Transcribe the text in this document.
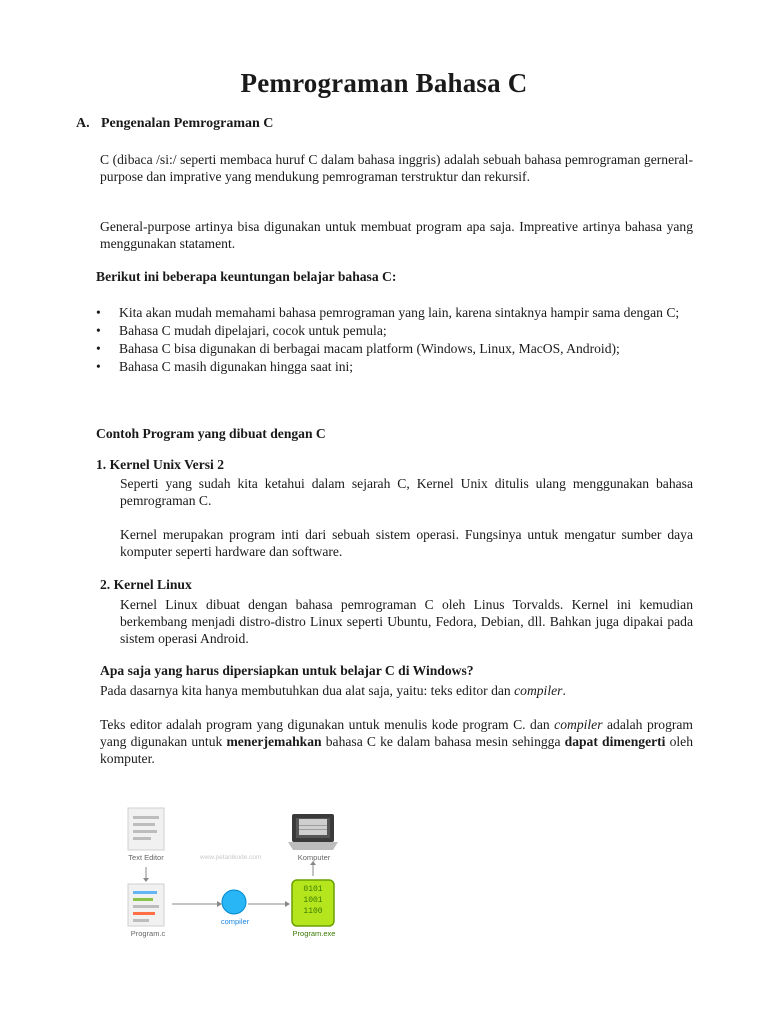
Pemrograman Bahasa C
A. Pengenalan Pemrograman C
C (dibaca /si:/ seperti membaca huruf C dalam bahasa inggris) adalah sebuah bahasa pemrograman gerneral-purpose dan imprative yang mendukung pemrograman terstruktur dan rekursif.
General-purpose artinya bisa digunakan untuk membuat program apa saja. Impreative artinya bahasa yang menggunakan statament.
Berikut ini beberapa keuntungan belajar bahasa C:
• Kita akan mudah memahami bahasa pemrograman yang lain, karena sintaknya hampir sama dengan C;
• Bahasa C mudah dipelajari, cocok untuk pemula;
• Bahasa C bisa digunakan di berbagai macam platform (Windows, Linux, MacOS, Android);
• Bahasa C masih digunakan hingga saat ini;
Contoh Program yang dibuat dengan C
1. Kernel Unix Versi 2
Seperti yang sudah kita ketahui dalam sejarah C, Kernel Unix ditulis ulang menggunakan bahasa pemrograman C.
Kernel merupakan program inti dari sebuah sistem operasi. Fungsinya untuk mengatur sumber daya komputer seperti hardware dan software.
2. Kernel Linux
Kernel Linux dibuat dengan bahasa pemrograman C oleh Linus Torvalds. Kernel ini kemudian berkembang menjadi distro-distro Linux seperti Ubuntu, Fedora, Debian, dll. Bahkan juga dipakai pada sistem operasi Android.
Apa saja yang harus dipersiapkan untuk belajar C di Windows?
Pada dasarnya kita hanya membutuhkan dua alat saja, yaitu: teks editor dan compiler.
Teks editor adalah program yang digunakan untuk menulis kode program C. dan compiler adalah program yang digunakan untuk menerjemahkan bahasa C ke dalam bahasa mesin sehingga dapat dimengerti oleh komputer.
Text Editor	Komputer
www.petanikode.com
Program.c
compiler
0101
1001
1100
Program.exe
